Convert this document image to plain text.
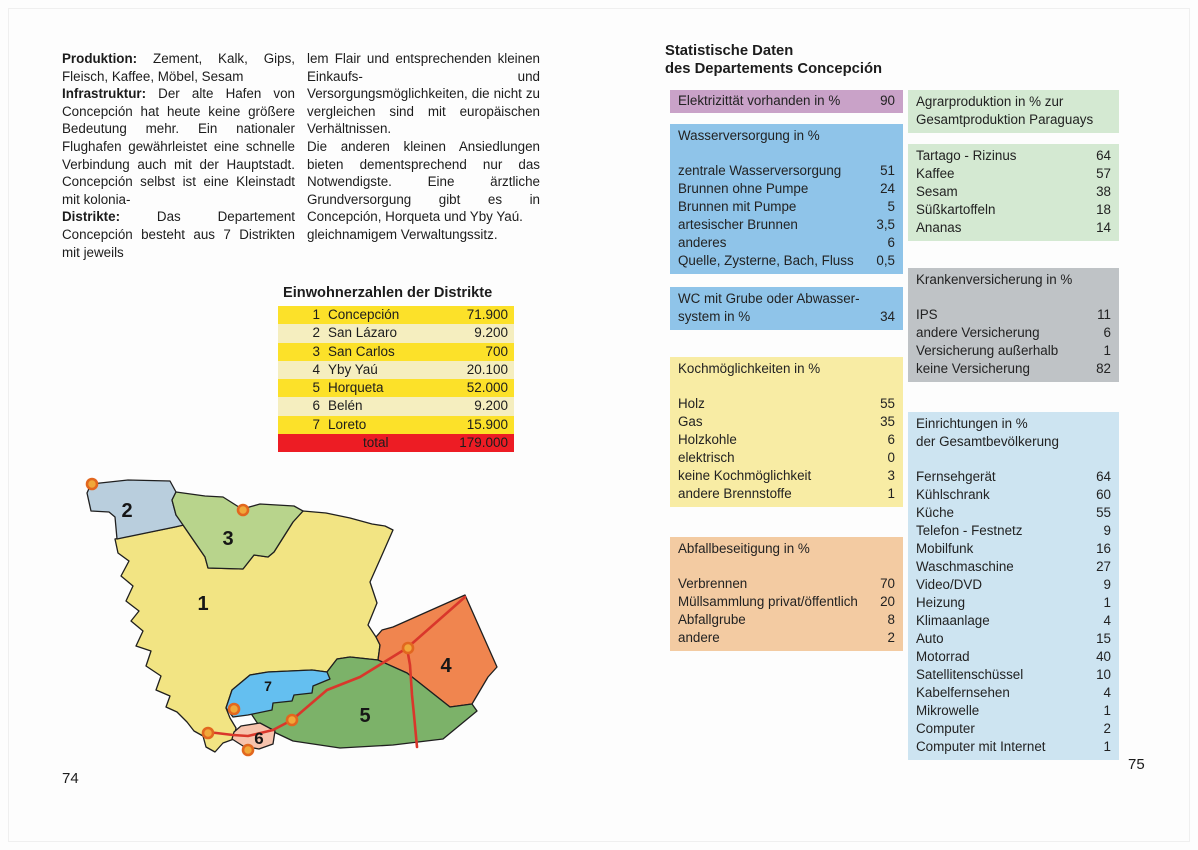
Produktion: Zement, Kalk, Gips, Fleisch, Kaffee, Möbel, Sesam

Infrastruktur: Der alte Hafen von Concepción hat heute keine größere Bedeutung mehr. Ein nationaler Flughafen gewährleistet eine schnelle Verbindung auch mit der Hauptstadt. Concepción selbst ist eine Kleinstadt mit kolonia-

Distrikte: Das Departement Concepción besteht aus 7 Distrikten mit jeweils

lem Flair und entsprechenden kleinen Einkaufs- und Versorgungsmöglichkeiten, die nicht zu vergleichen sind mit europäischen Verhältnissen.

Die anderen kleinen Ansiedlungen bieten dementsprechend nur das Notwendigste. Eine ärztliche Grundversorgung gibt es in Concepción, Horqueta und Yby Yaú.

gleichnamigem Verwaltungssitz.

Einwohnerzahlen der Distrikte
1 Concepción	71.900
2 San Lázaro	9.200
3 San Carlos	700
4 Yby Yaú	20.100
5 Horqueta	52.000
6 Belén	9.200
7 Loreto	15.900
total	179.000
1
2
3
4
5
6
7
74
Statistische Daten
des Departements Concepción
Elektrizittät vorhanden in %	90
Wasserversorgung in %
zentrale Wasserversorgung	51
Brunnen ohne Pumpe	24
Brunnen mit Pumpe	5
artesischer Brunnen	3,5
anderes	6
Quelle, Zysterne, Bach, Fluss 0,5
WC mit Grube oder Abwasser-
system in %	34
Kochmöglichkeiten in %
Holz	55
Gas	35
Holzkohle	6
elektrisch	0
keine Kochmöglichkeit	3
andere Brennstoffe	1
Abfallbeseitigung in %
Verbrennen	70
Müllsammlung privat/öffentlich 20
Abfallgrube	8
andere	2
Agrarproduktion in % zur
Gesamtproduktion Paraguays
Tartago - Rizinus	64
Kaffee	57
Sesam	38
Süßkartoffeln	18
Ananas	14
Krankenversicherung in %
IPS	11
andere Versicherung	6
Versicherung außerhalb	1
keine Versicherung	82
Einrichtungen in %
der Gesamtbevölkerung
Fernsehgerät	64
Kühlschrank	60
Küche	55
Telefon - Festnetz	9
Mobilfunk	16
Waschmaschine	27
Video/DVD	9
Heizung	1
Klimaanlage	4
Auto	15
Motorrad	40
Satellitenschüssel	10
Kabelfernsehen	4
Mikrowelle	1
Computer	2
Computer mit Internet	1
75
